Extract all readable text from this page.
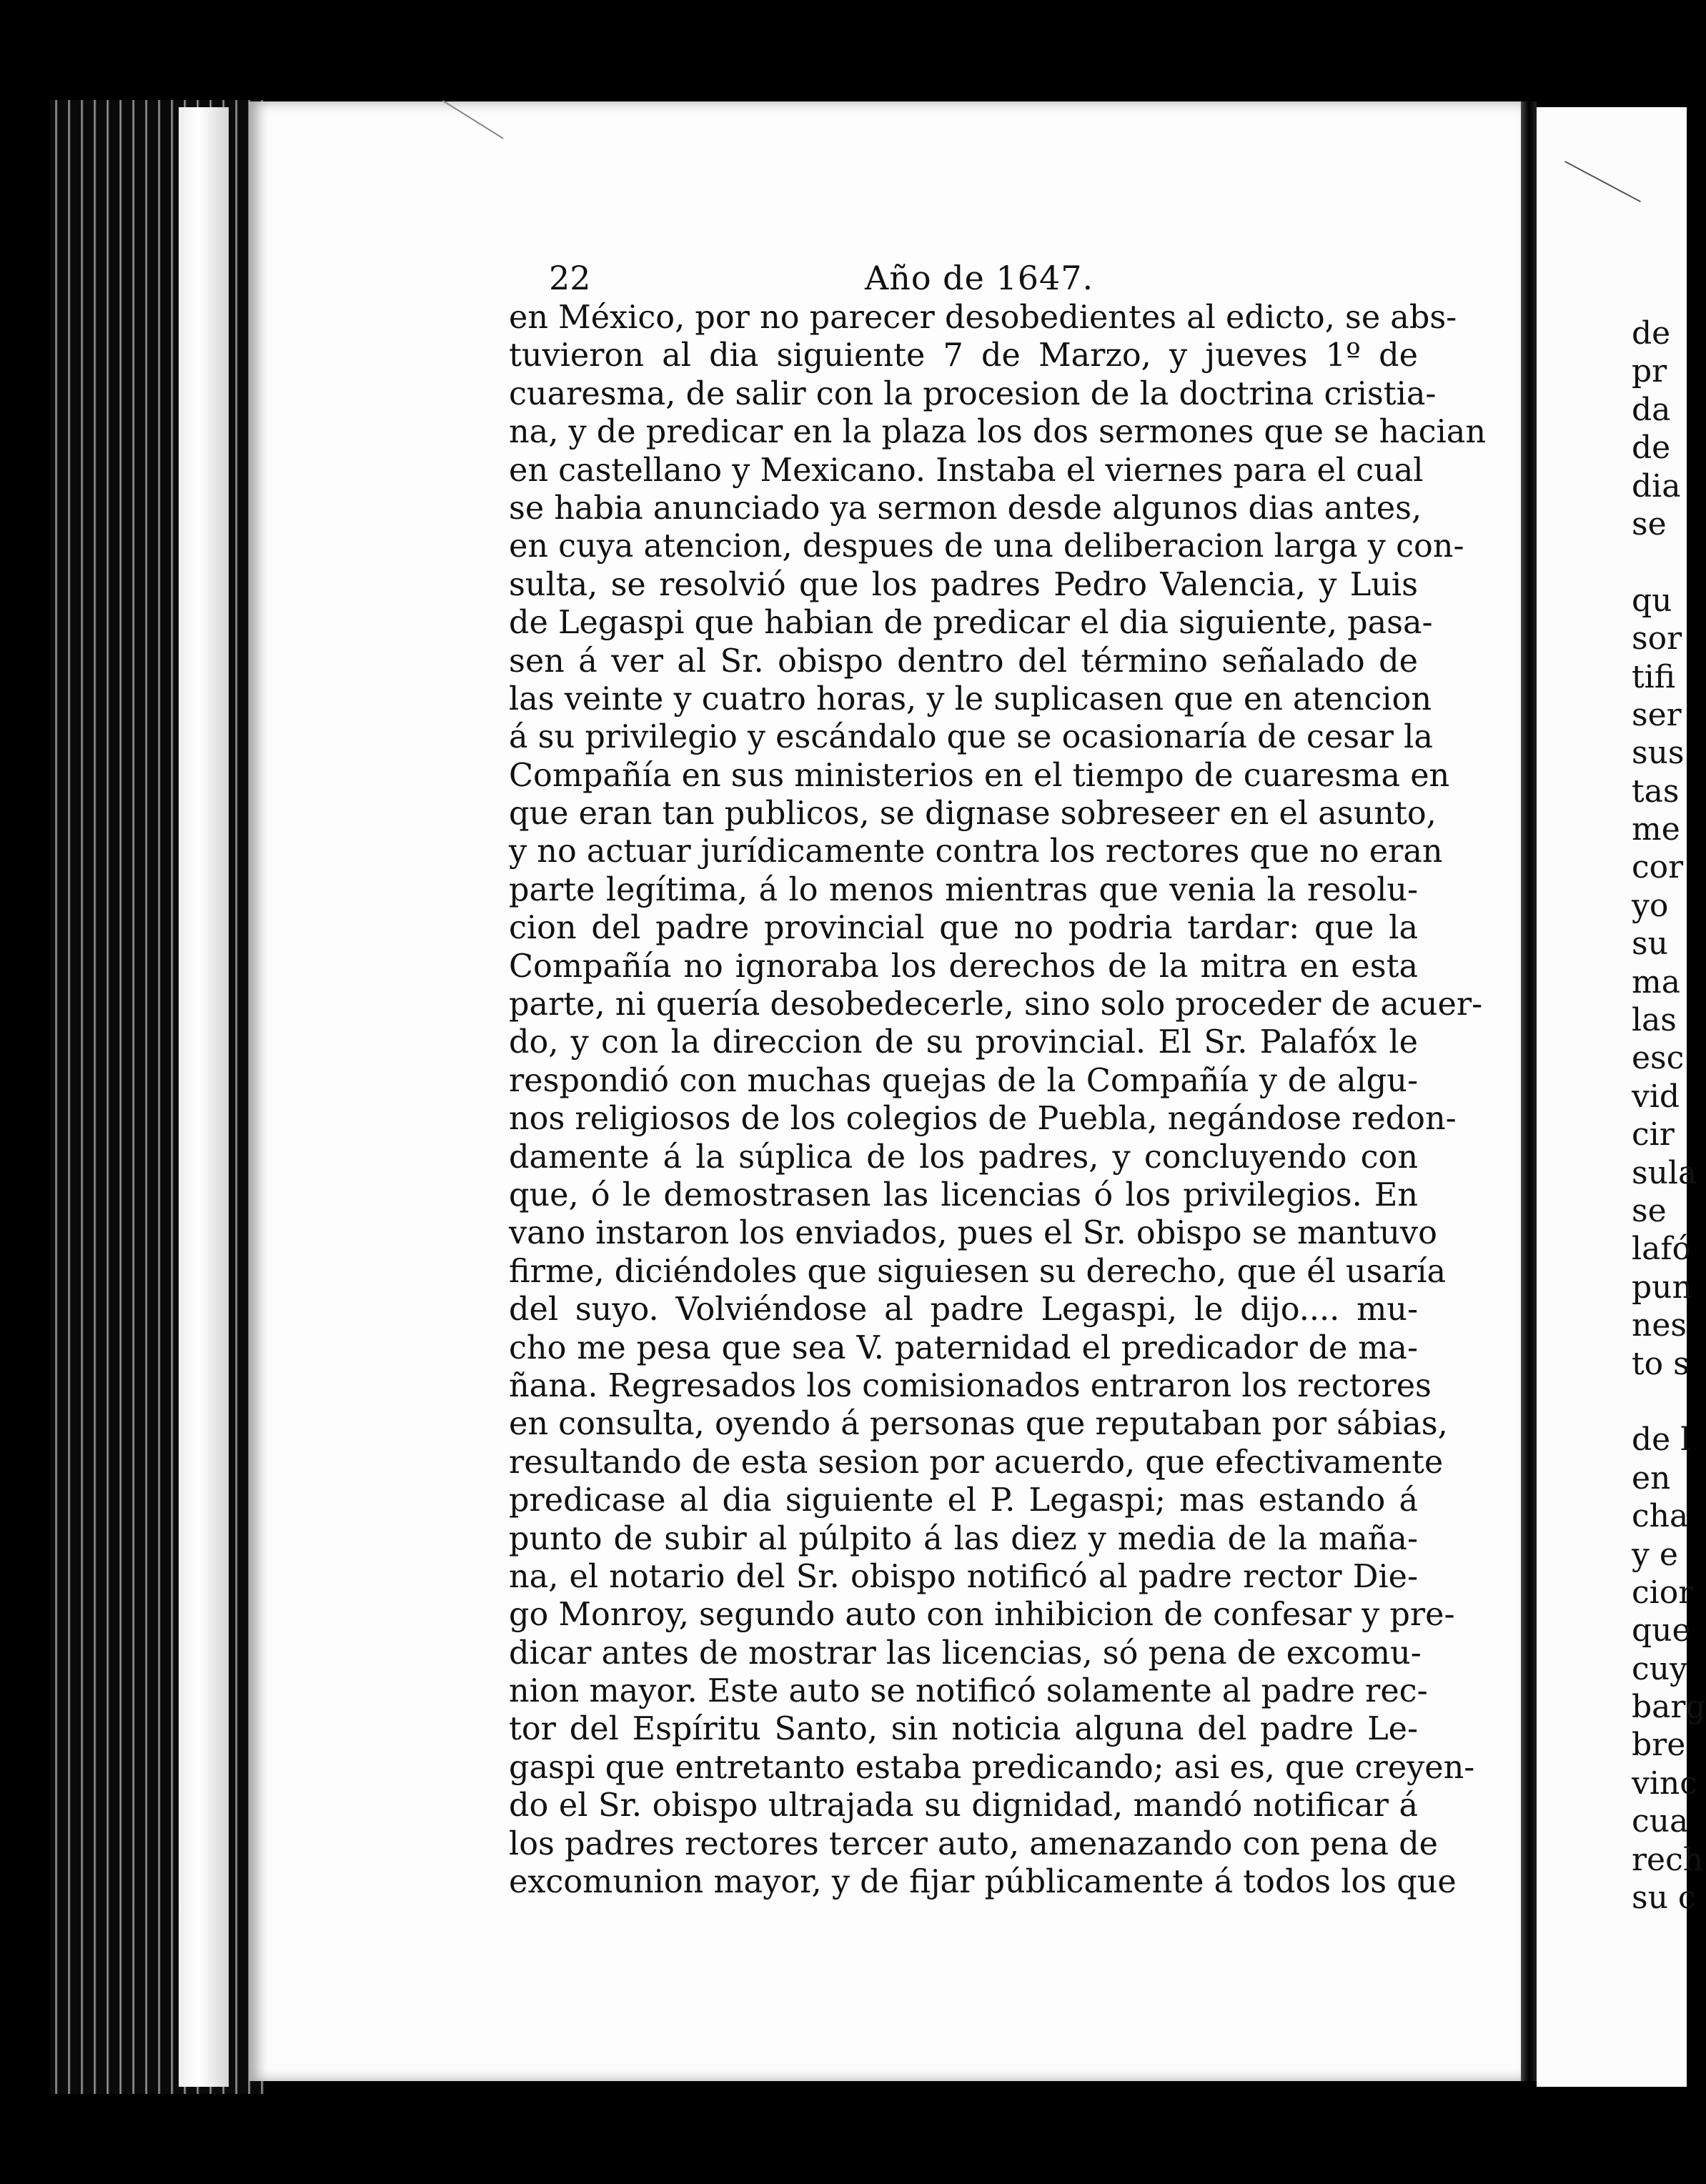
22	Año de 1647.
en México, por no parecer desobedientes al edicto, se abs-
tuvieron al dia siguiente 7 de Marzo, y jueves 1º de
cuaresma, de salir con la procesion de la doctrina cristia-
na, y de predicar en la plaza los dos sermones que se hacian
en castellano y Mexicano. Instaba el viernes para el cual
se habia anunciado ya sermon desde algunos dias antes,
en cuya atencion, despues de una deliberacion larga y con-
sulta, se resolvió que los padres Pedro Valencia, y Luis
de Legaspi que habian de predicar el dia siguiente, pasa-
sen á ver al Sr. obispo dentro del término señalado de
las veinte y cuatro horas, y le suplicasen que en atencion
á su privilegio y escándalo que se ocasionaría de cesar la
Compañía en sus ministerios en el tiempo de cuaresma en
que eran tan publicos, se dignase sobreseer en el asunto,
y no actuar jurídicamente contra los rectores que no eran
parte legítima, á lo menos mientras que venia la resolu-
cion del padre provincial que no podria tardar: que la
Compañía no ignoraba los derechos de la mitra en esta
parte, ni quería desobedecerle, sino solo proceder de acuer-
do, y con la direccion de su provincial. El Sr. Palafóx le
respondió con muchas quejas de la Compañía y de algu-
nos religiosos de los colegios de Puebla, negándose redon-
damente á la súplica de los padres, y concluyendo con
que, ó le demostrasen las licencias ó los privilegios. En
vano instaron los enviados, pues el Sr. obispo se mantuvo
firme, diciéndoles que siguiesen su derecho, que él usaría
del suyo. Volviéndose al padre Legaspi, le dijo.... mu-
cho me pesa que sea V. paternidad el predicador de ma-
ñana. Regresados los comisionados entraron los rectores
en consulta, oyendo á personas que reputaban por sábias,
resultando de esta sesion por acuerdo, que efectivamente
predicase al dia siguiente el P. Legaspi; mas estando á
punto de subir al púlpito á las diez y media de la maña-
na, el notario del Sr. obispo notificó al padre rector Die-
go Monroy, segundo auto con inhibicion de confesar y pre-
dicar antes de mostrar las licencias, só pena de excomu-
nion mayor. Este auto se notificó solamente al padre rec-
tor del Espíritu Santo, sin noticia alguna del padre Le-
gaspi que entretanto estaba predicando; asi es, que creyen-
do el Sr. obispo ultrajada su dignidad, mandó notificar á
los padres rectores tercer auto, amenazando con pena de
excomunion mayor, y de fijar públicamente á todos los que
de
pr
da
de
dia
se
qu
sor
tifi
ser
sus
tas
me
cor
yo
su
ma
las
esc
vid
cir
sula
se
lafó
pun
nes
to s
de l
en
cha
y e
cior
que
cuy
barg
bre
vinc
cua
rech
su c
